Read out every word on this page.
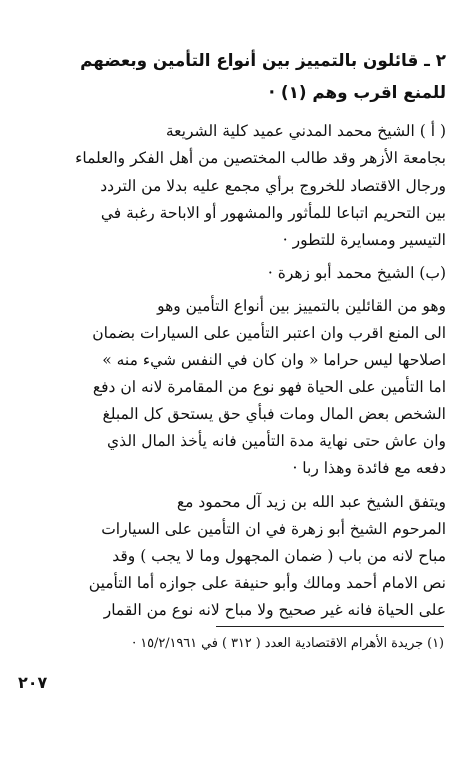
٢ ـ قائلون بالتمييز بين أنواع التأمين وبعضهم
للمنع اقرب وهم (١) ·
( أ ) الشيخ محمد المدني عميد كلية الشريعة
بجامعة الأزهر وقد طالب المختصين من أهل الفكر والعلماء
ورجال الاقتصاد للخروج برأي مجمع عليه بدلا من التردد
بين التحريم اتباعا للمأثور والمشهور أو الاباحة رغبة في
التيسير ومسايرة للتطور ·
(ب) الشيخ محمد أبو زهرة ·
وهو من القائلين بالتمييز بين أنواع التأمين وهو
الى المنع اقرب وان اعتبر التأمين على السيارات بضمان
اصلاحها ليس حراما « وان كان في النفس شيء منه »
اما التأمين على الحياة فهو نوع من المقامرة لانه ان دفع
الشخص بعض المال ومات فبأي حق يستحق كل المبلغ
وان عاش حتى نهاية مدة التأمين فانه يأخذ المال الذي
دفعه مع فائدة وهذا ربا ·
ويتفق الشيخ عبد الله بن زيد آل محمود مع
المرحوم الشيخ أبو زهرة في ان التأمين على السيارات
مباح لانه من باب ( ضمان المجهول وما لا يجب ) وقد
نص الامام أحمد ومالك وأبو حنيفة على جوازه أما التأمين
على الحياة فانه غير صحيح ولا مباح لانه نوع من القمار
(١) جريدة الأهرام الاقتصادية العدد ( ٣١٢ ) في ١٥/٢/١٩٦١ ·
٢٠٧
